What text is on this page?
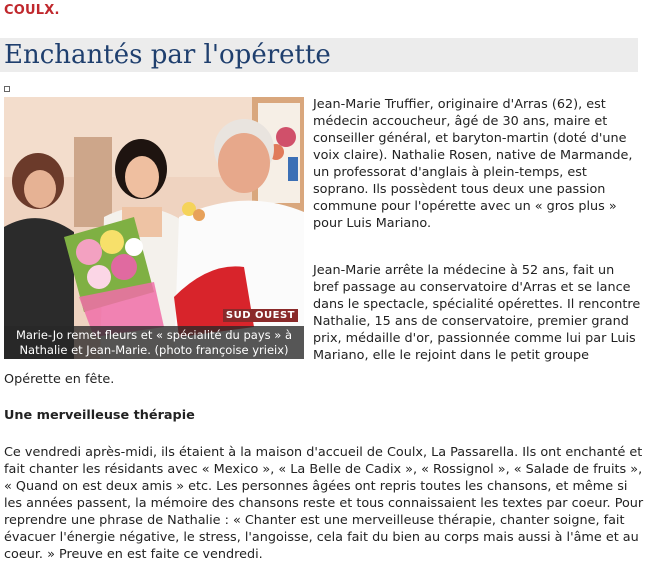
COULX.
Enchantés par l'opérette
SUD OUEST
Marie-Jo remet fleurs et « spécialité du pays » à Nathalie et Jean-Marie. (photo françoise yrieix)

Jean-Marie Truffier, originaire d'Arras (62), est médecin accoucheur, âgé de 30 ans, maire et conseiller général, et baryton-martin (doté d'une voix claire). Nathalie Rosen, native de Marmande, un professorat d'anglais à plein-temps, est soprano. Ils possèdent tous deux une passion commune pour l'opérette avec un « gros plus » pour Luis Mariano.

Jean-Marie arrête la médecine à 52 ans, fait un bref passage au conservatoire d'Arras et se lance dans le spectacle, spécialité opérettes. Il rencontre Nathalie, 15 ans de conservatoire, premier grand prix, médaille d'or, passionnée comme lui par Luis Mariano, elle le rejoint dans le petit groupe

Opérette en fête.

Une merveilleuse thérapie

Ce vendredi après-midi, ils étaient à la maison d'accueil de Coulx, La Passarella. Ils ont enchanté et fait chanter les résidants avec « Mexico », « La Belle de Cadix », « Rossignol », « Salade de fruits », « Quand on est deux amis » etc. Les personnes âgées ont repris toutes les chansons, et même si les années passent, la mémoire des chansons reste et tous connaissaient les textes par coeur. Pour reprendre une phrase de Nathalie : « Chanter est une merveilleuse thérapie, chanter soigne, fait évacuer l'énergie négative, le stress, l'angoisse, cela fait du bien au corps mais aussi à l'âme et au coeur. » Preuve en est faite ce vendredi.
